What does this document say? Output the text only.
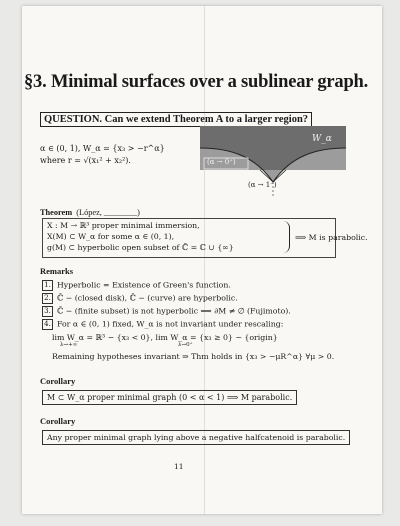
§3. Minimal surfaces over a sublinear graph.
QUESTION. Can we extend Theorem A to a larger region?
α ∈ (0, 1), W_α = {x₃ > −r^α}
where r = √(x₁² + x₂²).
W_α
(α → 0⁺)
(α → 1⁻)
Theorem (López, ________)
X : M → ℝ³ proper minimal immersion,
X(M) ⊂ W_α for some α ∈ (0, 1),
g(M) ⊂ hyperbolic open subset of ℂ̄ = ℂ ∪ {∞}
⟹ M is parabolic.
Remarks
1. Hyperbolic = Existence of Green's function.
2. ℂ̄ − (closed disk), ℂ̄ − (curve) are hyperbolic.
3. ℂ̄ − (finite subset) is not hyperbolic ⟹ ∂M ≠ ∅ (Fujimoto).
4. For α ∈ (0, 1) fixed, W_α is not invariant under rescaling:
lim W_α = ℝ³ − {x₃ < 0}, lim W_α = {x₃ ≥ 0} − {origin}
λ→+∞	λ→0⁺
Remaining hypotheses invariant ⇒ Thm holds in {x₃ > −μR^α} ∀μ > 0.
Corollary
M ⊂ W_α proper minimal graph (0 < α < 1) ⟹ M parabolic.
Corollary
Any proper minimal graph lying above a negative halfcatenoid is parabolic.
11
